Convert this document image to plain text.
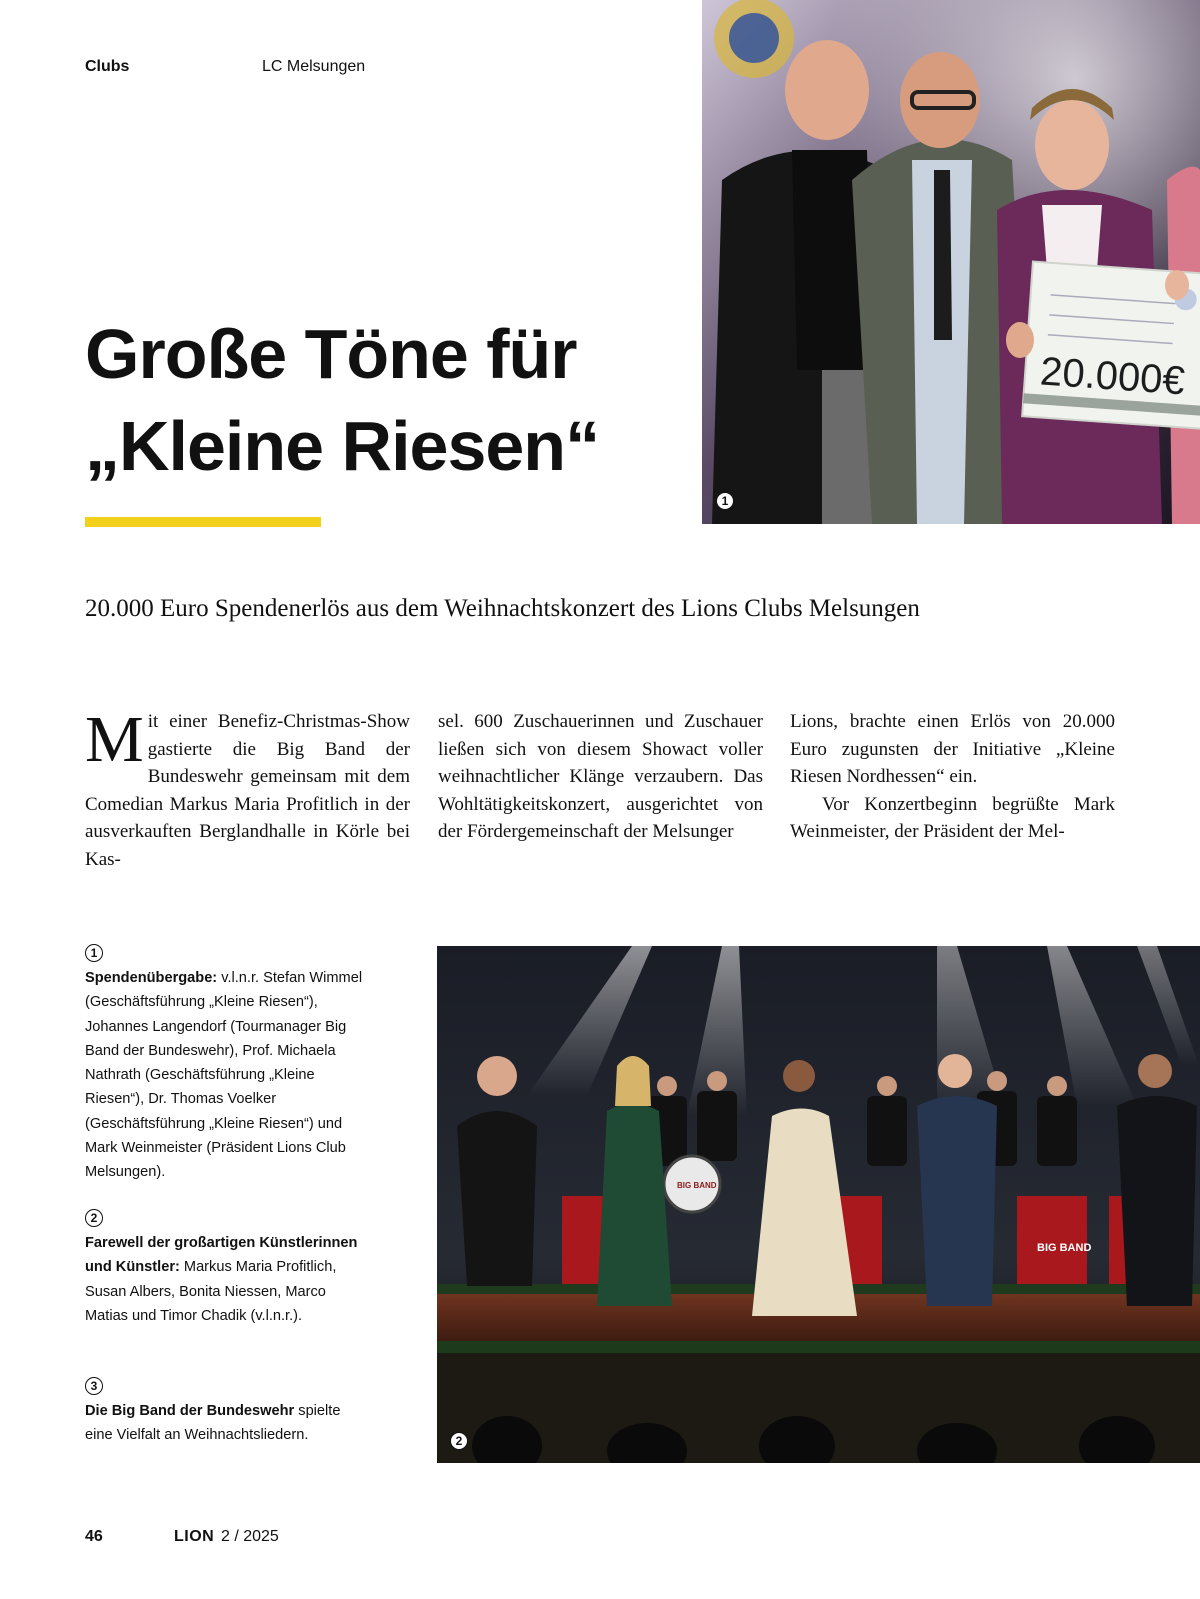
Clubs	LC Melsungen
20.000€
1
Große Töne für
„Kleine Riesen“
20.000 Euro Spendenerlös aus dem Weihnachtskonzert des Lions Clubs Melsungen

Mit einer Benefiz-Christmas-Show gastierte die Big Band der Bundeswehr gemeinsam mit dem Comedian Markus Maria Profitlich in der ausverkauften Berglandhalle in Körle bei Kas-

sel. 600 Zuschauerinnen und Zuschauer ließen sich von diesem Showact voller weihnachtlicher Klänge verzaubern. Das Wohltätigkeitskonzert, ausgerichtet von der Fördergemeinschaft der Melsunger

Lions, brachte einen Erlös von 20.000 Euro zugunsten der Initiative „Kleine Riesen Nordhessen“ ein.

Vor Konzertbeginn begrüßte Mark Weinmeister, der Präsident der Mel-

1
Spendenübergabe: v.l.n.r. Stefan Wimmel (Geschäftsführung „Kleine Riesen“), Johannes Langendorf (Tourmanager Big Band der Bundeswehr), Prof. Michaela Nathrath (Geschäftsführung „Kleine Riesen“), Dr. Thomas Voelker (Geschäftsführung „Kleine Riesen“) und Mark Weinmeister (Präsident Lions Club Melsungen).
2
Farewell der großartigen Künstlerinnen und Künstler: Markus Maria Profitlich, Susan Albers, Bonita Niessen, Marco Matias und Timor Chadik (v.l.n.r.).
3
Die Big Band der Bundeswehr spielte eine Vielfalt an Weihnachtsliedern.
BIG BAND
BIG BAND
2
46	LION 2 / 2025
